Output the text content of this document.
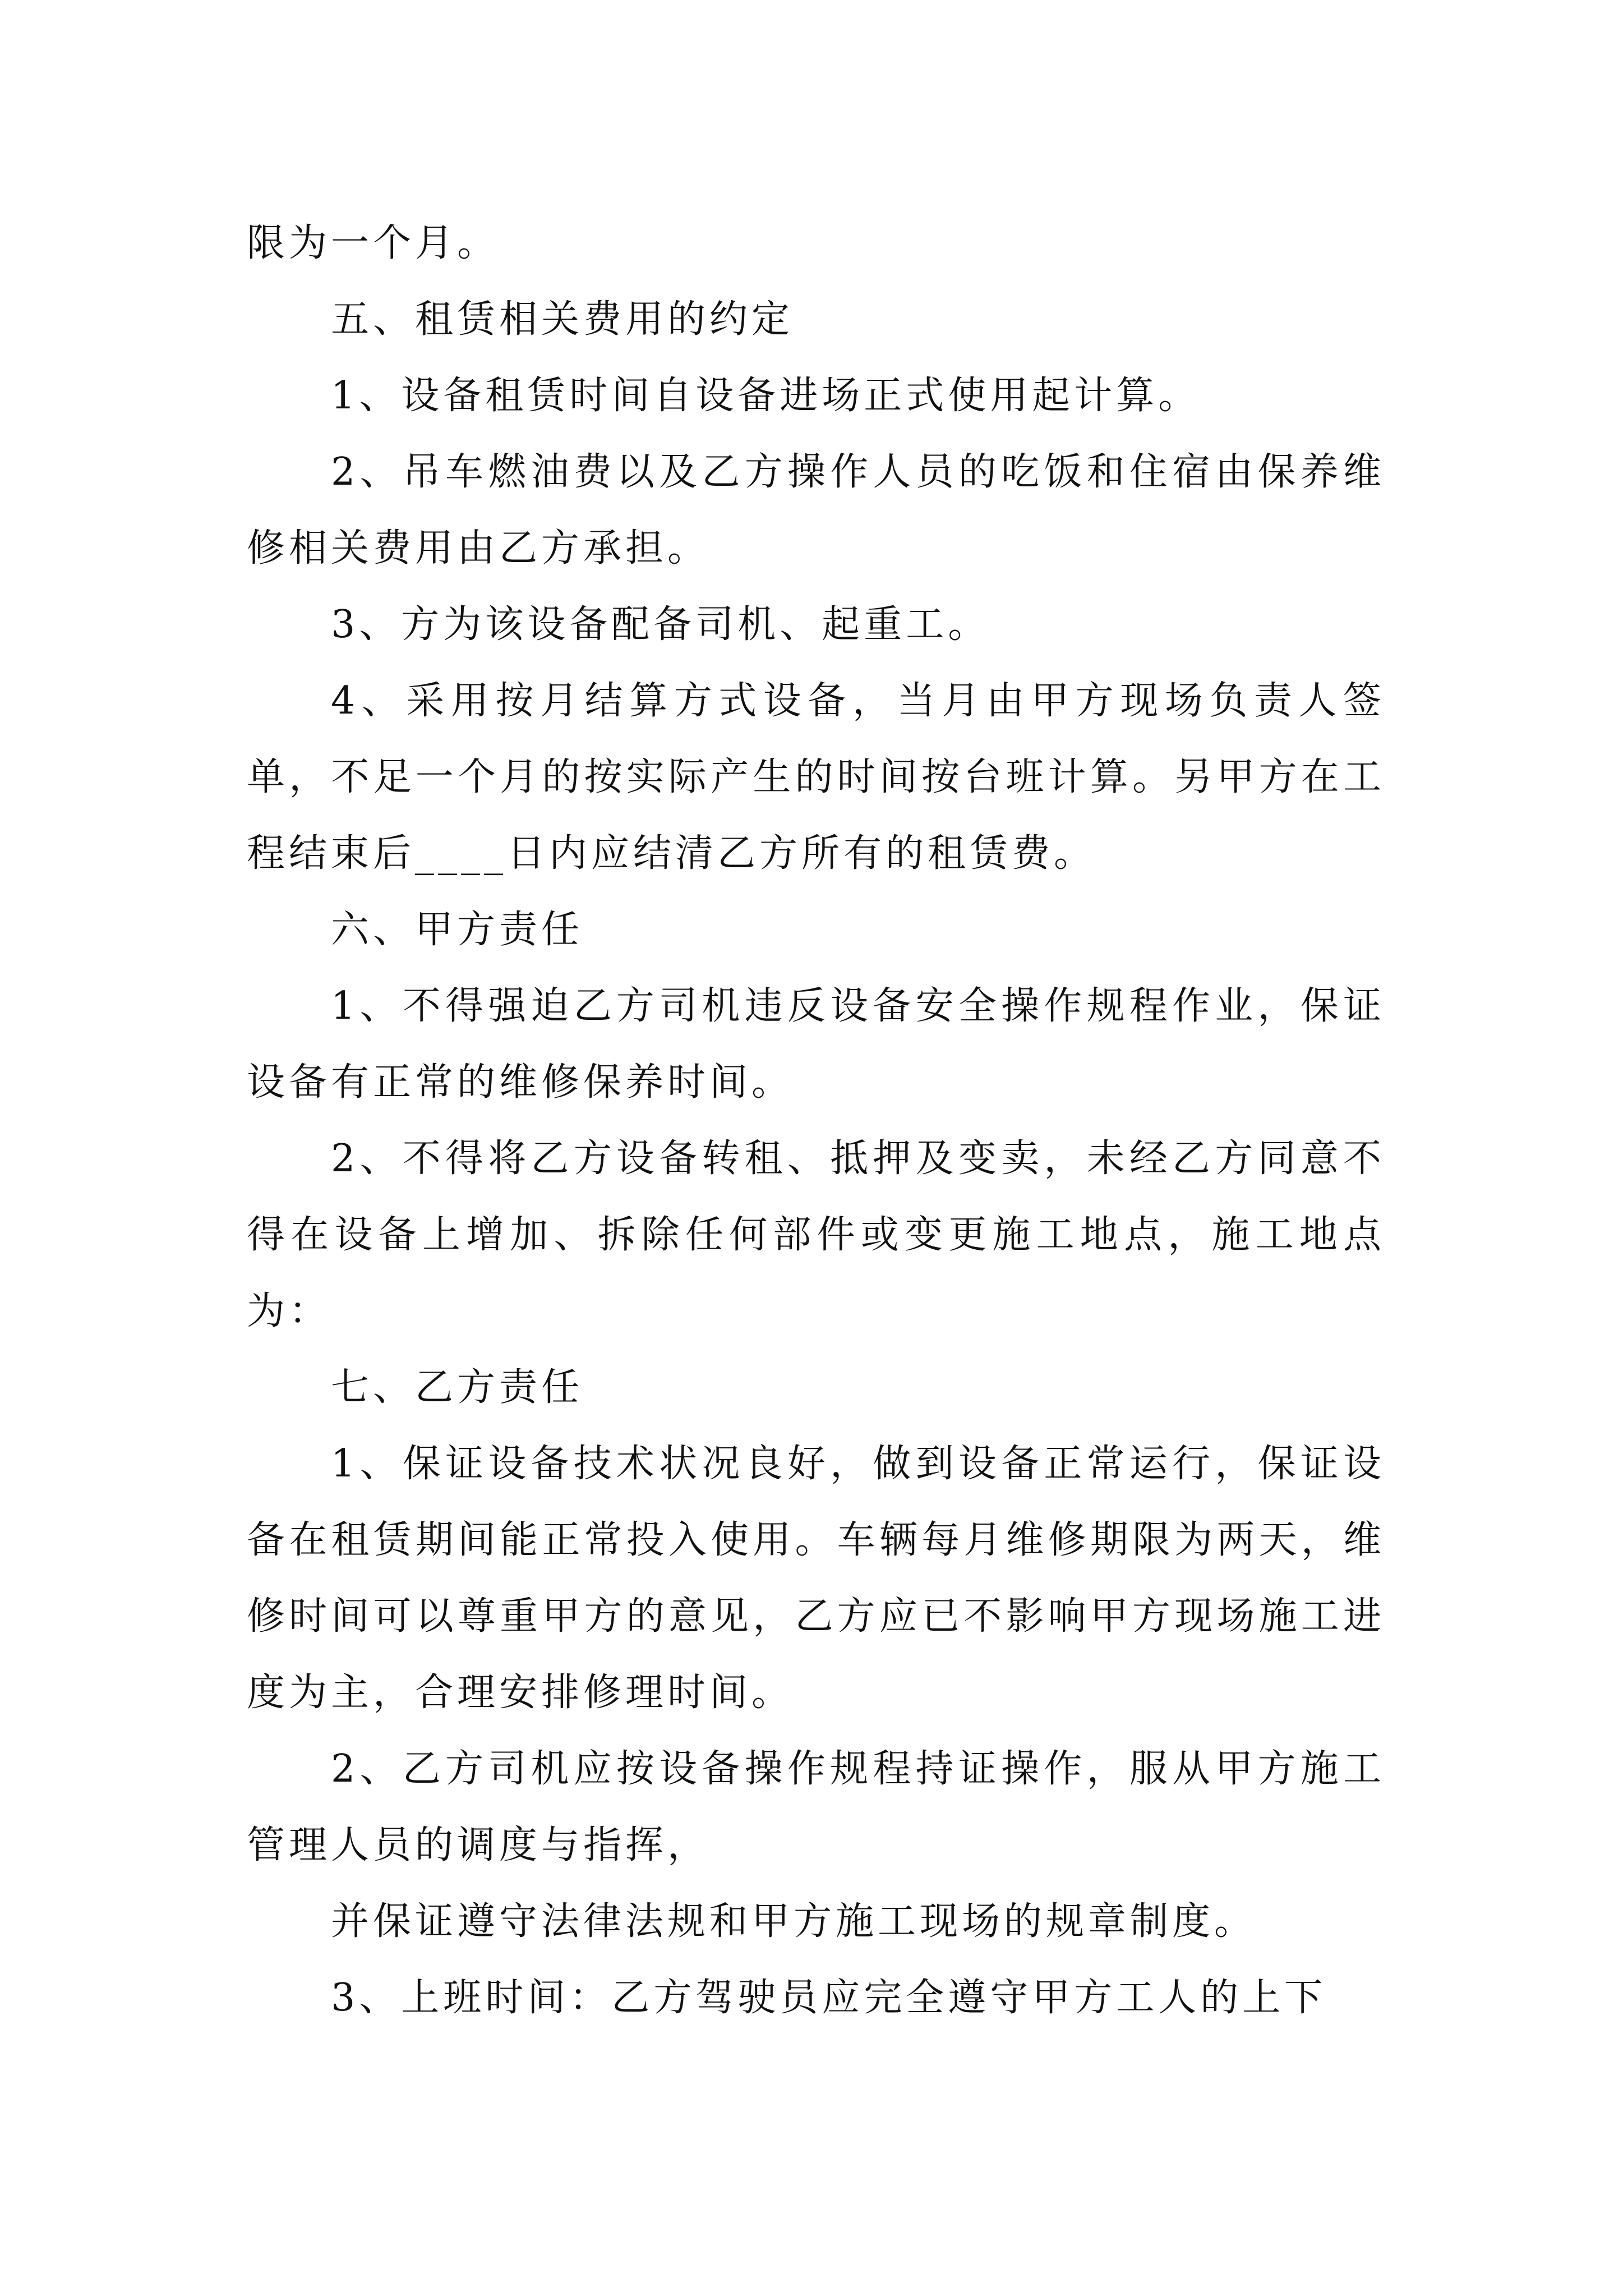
限为一个月。

五、租赁相关费用的约定

1、设备租赁时间自设备进场正式使用起计算。

2、吊车燃油费以及乙方操作人员的吃饭和住宿由保养维修相关费用由乙方承担。

3、方为该设备配备司机、起重工。

4、采用按月结算方式设备，当月由甲方现场负责人签单，不足一个月的按实际产生的时间按台班计算。另甲方在工程结束后____日内应结清乙方所有的租赁费。

六、甲方责任

1、不得强迫乙方司机违反设备安全操作规程作业，保证设备有正常的维修保养时间。

2、不得将乙方设备转租、抵押及变卖，未经乙方同意不得在设备上增加、拆除任何部件或变更施工地点，施工地点为：

七、乙方责任

1、保证设备技术状况良好，做到设备正常运行，保证设备在租赁期间能正常投入使用。车辆每月维修期限为两天，维修时间可以尊重甲方的意见，乙方应已不影响甲方现场施工进度为主，合理安排修理时间。

2、乙方司机应按设备操作规程持证操作，服从甲方施工管理人员的调度与指挥，

并保证遵守法律法规和甲方施工现场的规章制度。

3、上班时间：乙方驾驶员应完全遵守甲方工人的上下
